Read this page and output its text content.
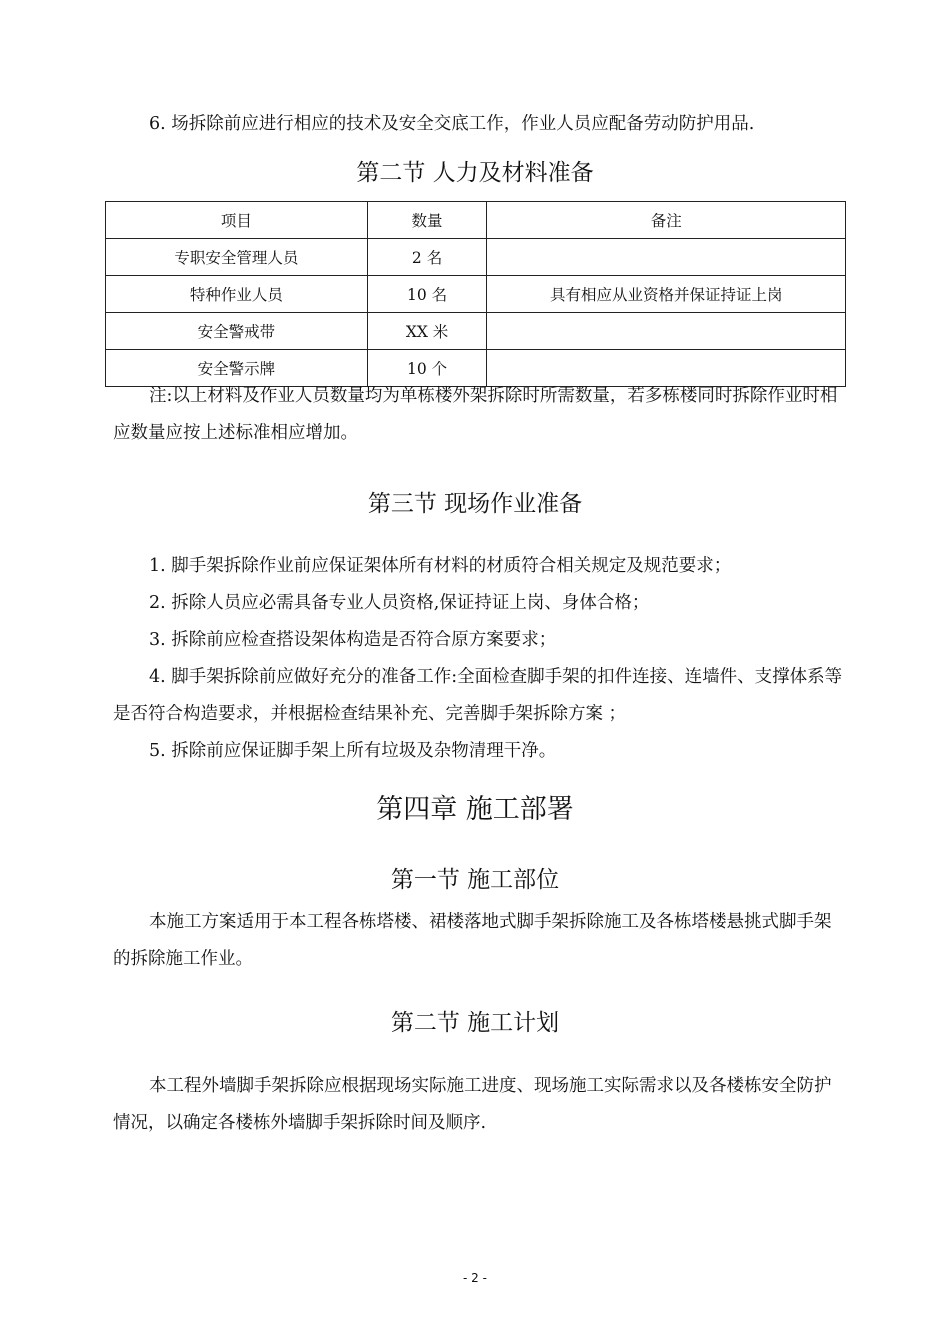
6. 场拆除前应进行相应的技术及安全交底工作，作业人员应配备劳动防护用品.

第二节 人力及材料准备
项目	数量	备注
专职安全管理人员	2 名	
特种作业人员	10 名	具有相应从业资格并保证持证上岗
安全警戒带	XX 米	
安全警示牌	10 个	

注:以上材料及作业人员数量均为单栋楼外架拆除时所需数量，若多栋楼同时拆除作业时相应数量应按上述标准相应增加。

第三节 现场作业准备

1. 脚手架拆除作业前应保证架体所有材料的材质符合相关规定及规范要求；

2. 拆除人员应必需具备专业人员资格,保证持证上岗、身体合格；

3. 拆除前应检查搭设架体构造是否符合原方案要求；

4. 脚手架拆除前应做好充分的准备工作:全面检查脚手架的扣件连接、连墙件、支撑体系等是否符合构造要求，并根据检查结果补充、完善脚手架拆除方案 ；

5. 拆除前应保证脚手架上所有垃圾及杂物清理干净。

第四章 施工部署
第一节 施工部位

本施工方案适用于本工程各栋塔楼、裙楼落地式脚手架拆除施工及各栋塔楼悬挑式脚手架的拆除施工作业。

第二节 施工计划

本工程外墙脚手架拆除应根据现场实际施工进度、现场施工实际需求以及各楼栋安全防护情况，以确定各楼栋外墙脚手架拆除时间及顺序.

- 2 -
